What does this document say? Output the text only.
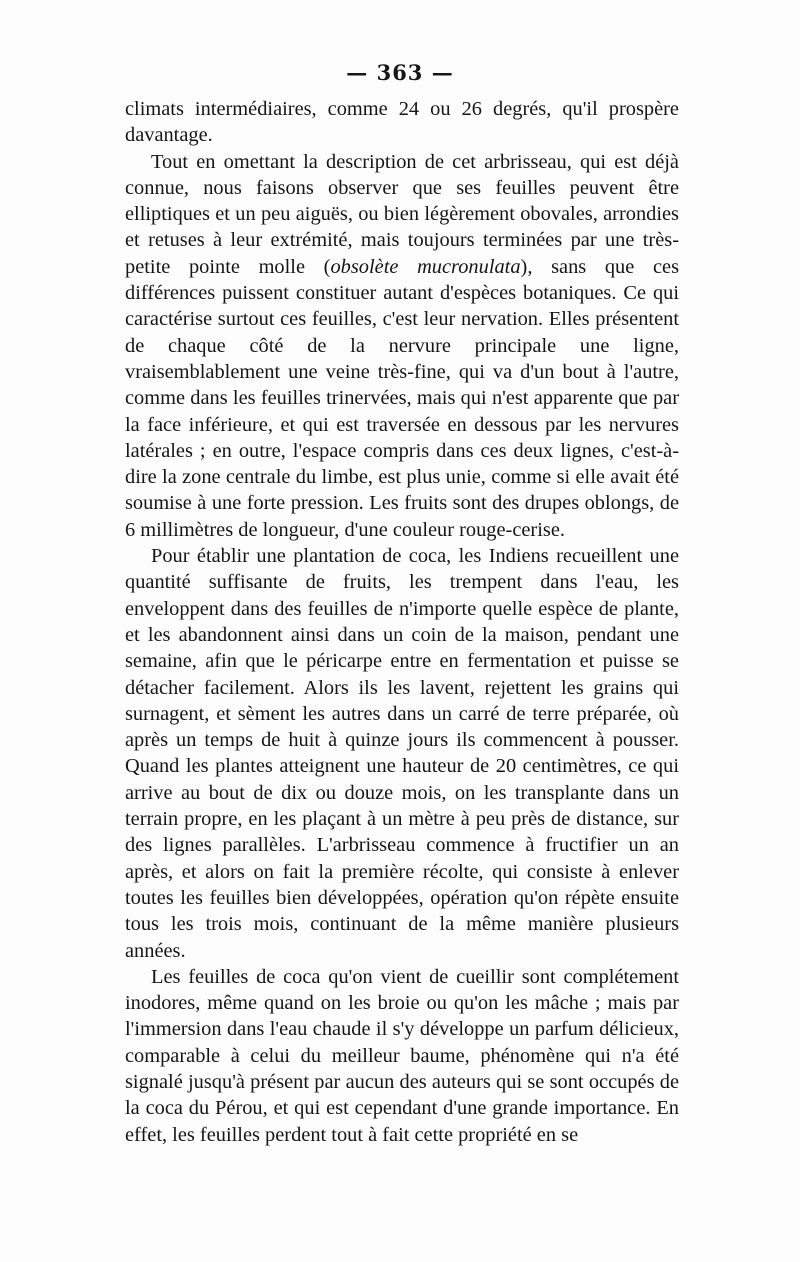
— 363 —

climats intermédiaires, comme 24 ou 26 degrés, qu'il prospère davantage.

Tout en omettant la description de cet arbrisseau, qui est déjà connue, nous faisons observer que ses feuilles peuvent être elliptiques et un peu aiguës, ou bien légèrement obovales, arrondies et retuses à leur extrémité, mais toujours terminées par une très-petite pointe molle (obsolète mucronulata), sans que ces différences puissent constituer autant d'espèces botaniques. Ce qui caractérise surtout ces feuilles, c'est leur nervation. Elles présentent de chaque côté de la nervure principale une ligne, vraisemblablement une veine très-fine, qui va d'un bout à l'autre, comme dans les feuilles trinervées, mais qui n'est apparente que par la face inférieure, et qui est traversée en dessous par les nervures latérales ; en outre, l'espace compris dans ces deux lignes, c'est-à-dire la zone centrale du limbe, est plus unie, comme si elle avait été soumise à une forte pression. Les fruits sont des drupes oblongs, de 6 millimètres de longueur, d'une couleur rouge-cerise.

Pour établir une plantation de coca, les Indiens recueillent une quantité suffisante de fruits, les trempent dans l'eau, les enveloppent dans des feuilles de n'importe quelle espèce de plante, et les abandonnent ainsi dans un coin de la maison, pendant une semaine, afin que le péricarpe entre en fermentation et puisse se détacher facilement. Alors ils les lavent, rejettent les grains qui surnagent, et sèment les autres dans un carré de terre préparée, où après un temps de huit à quinze jours ils commencent à pousser. Quand les plantes atteignent une hauteur de 20 centimètres, ce qui arrive au bout de dix ou douze mois, on les transplante dans un terrain propre, en les plaçant à un mètre à peu près de distance, sur des lignes parallèles. L'arbrisseau commence à fructifier un an après, et alors on fait la première récolte, qui consiste à enlever toutes les feuilles bien développées, opération qu'on répète ensuite tous les trois mois, continuant de la même manière plusieurs années.

Les feuilles de coca qu'on vient de cueillir sont complétement inodores, même quand on les broie ou qu'on les mâche ; mais par l'immersion dans l'eau chaude il s'y développe un parfum délicieux, comparable à celui du meilleur baume, phénomène qui n'a été signalé jusqu'à présent par aucun des auteurs qui se sont occupés de la coca du Pérou, et qui est cependant d'une grande importance. En effet, les feuilles perdent tout à fait cette propriété en se
